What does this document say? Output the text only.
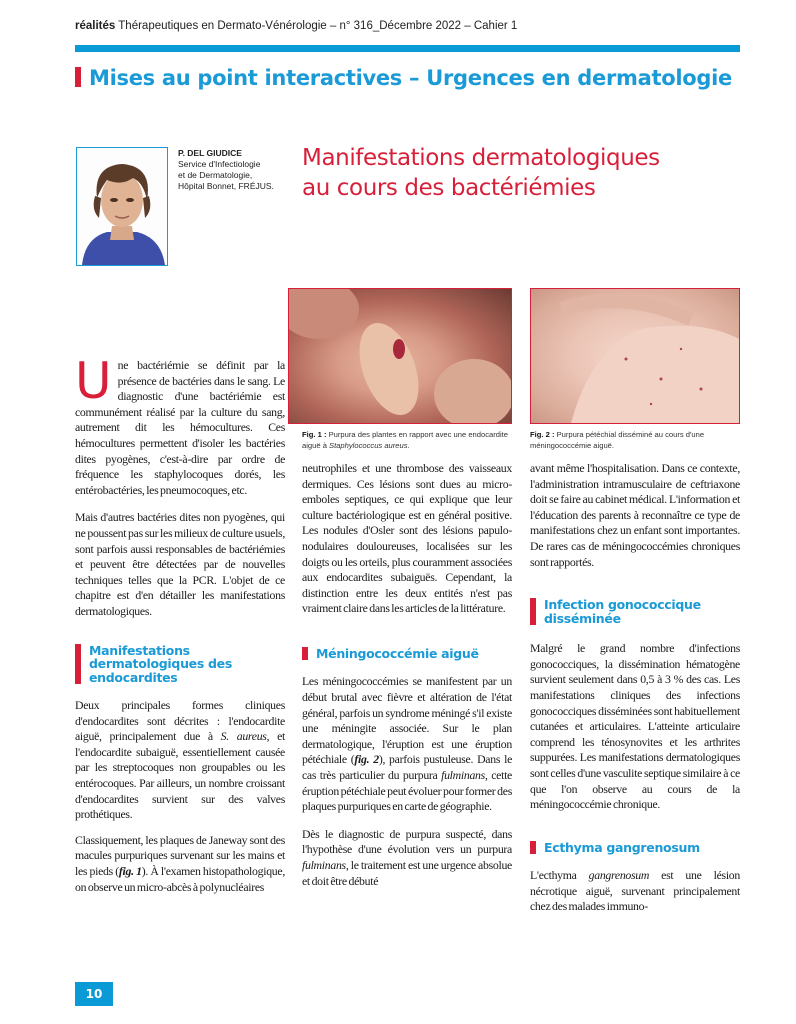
réalités Thérapeutiques en Dermato-Vénérologie – n° 316_Décembre 2022 – Cahier 1
Mises au point interactives – Urgences en dermatologie
P. DEL GIUDICE
Service d'Infectiologie
et de Dermatologie,
Hôpital Bonnet, FRÉJUS.
Manifestations dermatologiques
au cours des bactériémies
Fig. 1 : Purpura des plantes en rapport avec une endocardite aiguë à Staphylococcus aureus.
Fig. 2 : Purpura pétéchial disséminé au cours d'une méningococcémie aiguë.

Une bactériémie se définit par la présence de bactéries dans le sang. Le diagnostic d'une bactériémie est communément réalisé par la culture du sang, autrement dit les hémocultures. Ces hémocultures permettent d'isoler les bactéries dites pyogènes, c'est-à-dire par ordre de fréquence les staphylocoques dorés, les entérobactéries, les pneumocoques, etc.

Mais d'autres bactéries dites non pyogènes, qui ne poussent pas sur les milieux de culture usuels, sont parfois aussi responsables de bactériémies et peuvent être détectées par de nouvelles techniques telles que la PCR. L'objet de ce chapitre est d'en détailler les manifestations dermatologiques.

Manifestations dermatologiques des endocardites

Deux principales formes cliniques d'endocardites sont décrites : l'endocardite aiguë, principalement due à S. aureus, et l'endocardite subaiguë, essentiellement causée par les streptocoques non groupables ou les entérocoques. Par ailleurs, un nombre croissant d'endocardites survient sur des valves prothétiques.

Classiquement, les plaques de Janeway sont des macules purpuriques survenant sur les mains et les pieds (fig. 1). À l'examen histopathologique, on observe un micro-abcès à polynucléaires

neutrophiles et une thrombose des vaisseaux dermiques. Ces lésions sont dues au micro-emboles septiques, ce qui explique que leur culture bactériologique est en général positive. Les nodules d'Osler sont des lésions papulo-nodulaires douloureuses, localisées sur les doigts ou les orteils, plus couramment associées aux endocardites subaiguës. Cependant, la distinction entre les deux entités n'est pas vraiment claire dans les articles de la littérature.

Méningococcémie aiguë

Les méningococcémies se manifestent par un début brutal avec fièvre et altération de l'état général, parfois un syndrome méningé s'il existe une méningite associée. Sur le plan dermatologique, l'éruption est une éruption pétéchiale (fig. 2), parfois pustuleuse. Dans le cas très particulier du purpura fulminans, cette éruption pétéchiale peut évoluer pour former des plaques purpuriques en carte de géographie.

Dès le diagnostic de purpura suspecté, dans l'hypothèse d'une évolution vers un purpura fulminans, le traitement est une urgence absolue et doit être débuté

avant même l'hospitalisation. Dans ce contexte, l'administration intramusculaire de ceftriaxone doit se faire au cabinet médical. L'information et l'éducation des parents à reconnaître ce type de manifestations chez un enfant sont importantes. De rares cas de méningococcémies chroniques sont rapportés.

Infection gonococcique disséminée

Malgré le grand nombre d'infections gonococciques, la dissémination hématogène survient seulement dans 0,5 à 3 % des cas. Les manifestations cliniques des infections gonococciques disséminées sont habituellement cutanées et articulaires. L'atteinte articulaire comprend les ténosynovites et les arthrites suppurées. Les manifestations dermatologiques sont celles d'une vasculite septique similaire à ce que l'on observe au cours de la méningococcémie chronique.

Ecthyma gangrenosum

L'ecthyma gangrenosum est une lésion nécrotique aiguë, survenant principalement chez des malades immuno-

10
